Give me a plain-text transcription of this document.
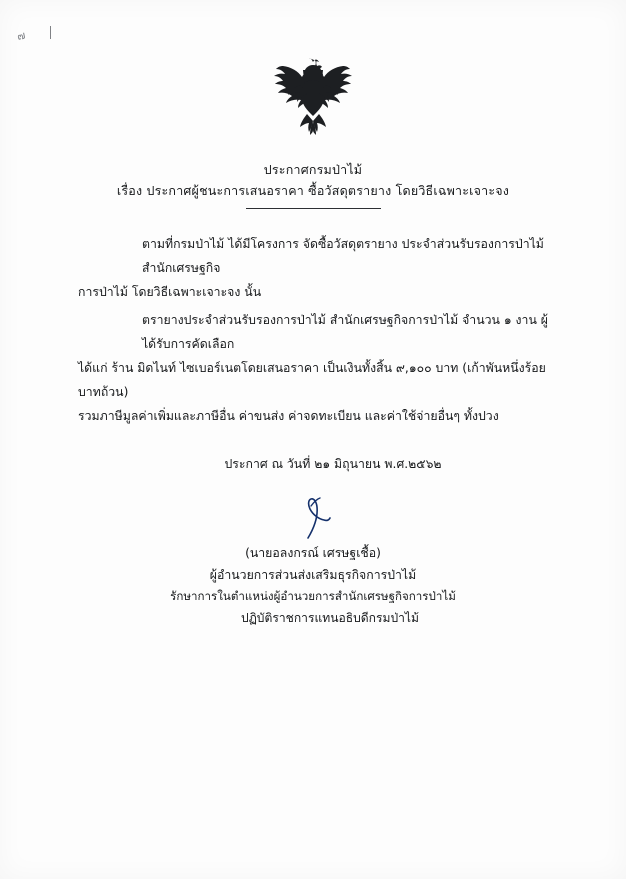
๗
ประกาศกรมป่าไม้
เรื่อง ประกาศผู้ชนะการเสนอราคา ซื้อวัสดุตรายาง โดยวิธีเฉพาะเจาะจง
ตามที่กรมป่าไม้ ได้มีโครงการ จัดซื้อวัสดุตรายาง ประจำส่วนรับรองการป่าไม้ สำนักเศรษฐกิจ
การป่าไม้ โดยวิธีเฉพาะเจาะจง นั้น
ตรายางประจำส่วนรับรองการป่าไม้ สำนักเศรษฐกิจการป่าไม้ จำนวน ๑ งาน ผู้ได้รับการคัดเลือก
ได้แก่ ร้าน มิดไนท์ ไซเบอร์เนตโดยเสนอราคา เป็นเงินทั้งสิ้น ๙,๑๐๐ บาท (เก้าพันหนึ่งร้อยบาทถ้วน)
รวมภาษีมูลค่าเพิ่มและภาษีอื่น ค่าขนส่ง ค่าจดทะเบียน และค่าใช้จ่ายอื่นๆ ทั้งปวง
ประกาศ ณ วันที่ ๒๑ มิถุนายน พ.ศ.๒๕๖๒
(นายอลงกรณ์ เศรษฐเชื้อ)
ผู้อำนวยการส่วนส่งเสริมธุรกิจการป่าไม้
รักษาการในตำแหน่งผู้อำนวยการสำนักเศรษฐกิจการป่าไม้
ปฏิบัติราชการแทนอธิบดีกรมป่าไม้
